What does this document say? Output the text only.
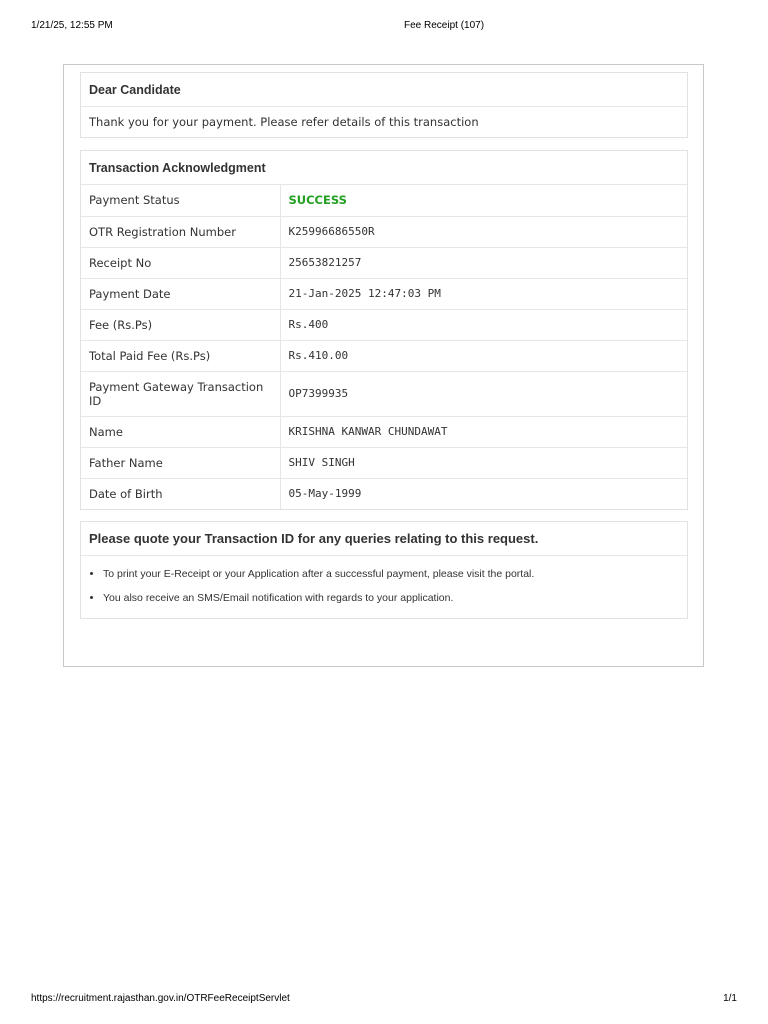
1/21/25, 12:55 PM	Fee Receipt (107)
Dear Candidate
Thank you for your payment. Please refer details of this transaction
Transaction Acknowledgment
Payment Status	SUCCESS
OTR Registration Number	K25996686550R
Receipt No	25653821257
Payment Date	21-Jan-2025 12:47:03 PM
Fee (Rs.Ps)	Rs.400
Total Paid Fee (Rs.Ps)	Rs.410.00
Payment Gateway Transaction ID	OP7399935
Name	KRISHNA KANWAR CHUNDAWAT
Father Name	SHIV SINGH
Date of Birth	05-May-1999
Please quote your Transaction ID for any queries relating to this request.
• To print your E-Receipt or your Application after a successful payment, please visit the portal.
• You also receive an SMS/Email notification with regards to your application.
https://recruitment.rajasthan.gov.in/OTRFeeReceiptServlet	1/1
